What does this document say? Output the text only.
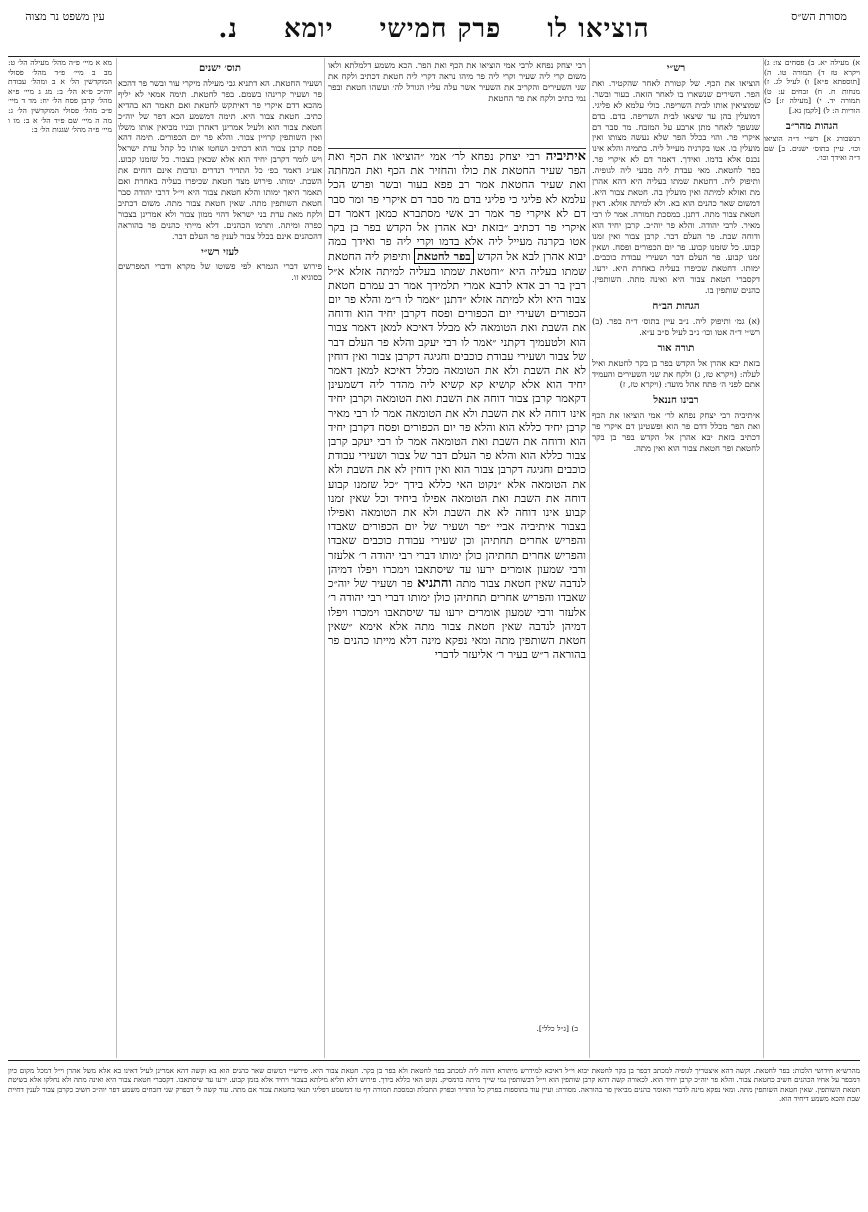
מסורת הש״ס
הוציאו לו פרק חמישי יומא נ.
עין משפט נר מצוה
א) מעילה יא. ב) פסחים צו: ג) ויקרא טז ד) תמורה טו. ה) [תוספתא פ״א] ו) לעיל לג. ז) מנחות ח. ח) זבחים ע: ט) תמורה יד. י) [מעילה ז:] כ) הוריות ה: ל) [לקמן נא.]
הגהות מהר״ב
רנשבורג א] רש״י ד״ה הוציאו וכו׳. עיין בתוס׳ ישנים. ב] שם ד״ה ואידך וכו׳.
רש״י
הוציאו את הכף. של קטורת לאחר שהקטיר. ואת הפר. השירים שנשארו בו לאחר הזאה. בעור ובשר. שמוציאין אותו לבית השריפה. כולי עלמא לא פליגי. דמועלין בהן עד שיצאו לבית השריפה. בדם. בדם שנשפך לאחר מתן ארבע על המזבח. מר סבר דם איקרי פר. והוי בכלל הפר שלא נעשה מצותו ואין מועלין בו. אטו בקרניה מעייל ליה. בתמיה והלא אינו נכנס אלא בדמו. ואידך. דאמר דם לא איקרי פר. בפר לחטאת. מאי עבדת ליה מבעי ליה לגופיה. ותיפוק ליה. דחטאת שמתו בעליה היא דהא אהרן מת ואזלא למיתה ואין מועלין בה. חטאת צבור היא. דמשום שאר כהנים הוא בא. ולא למיתה אזלא. דאין חטאת צבור מתה. דתנן. במסכת תמורה. אמר לו רבי מאיר. לרבי יהודה. והלא פר יוה״כ. קרבן יחיד הוא ודוחה שבת. פר העלם דבר. קרבן צבור ואין זמנו קבוע. כל שזמנו קבוע. פר יום הכפורים ופסח. ושאין זמנו קבוע. פר העלם דבר ושעירי עבודת כוכבים. ימותו. דחטאת שכיפרו בעליה באחרת היא. ירעו. דקסברי חטאת צבור היא ואינה מתה. השותפין. כהנים שותפין בו.
הגהות הב״ח
(א) גמ׳ ותיפוק ליה. נ״ב עיין בתוס׳ ד״ה בפר. (ב) רש״י ד״ה אטו וכו׳ נ״ב לעיל ס״ב ע״א.
תורה אור
בזאת יבא אהרן אל הקדש בפר בן בקר לחטאת ואיל לעלה: (ויקרא טז, ג) ולקח את שני השעירים והעמיד אתם לפני ה׳ פתח אהל מועד: (ויקרא טז, ז)
רבינו חננאל
איתיביה רבי יצחק נפחא לר׳ אמי הוציאו את הכף ואת הפר מכלל דדם פר הוא ופשטינן דם איקרי פר דכתיב בזאת יבא אהרן אל הקדש בפר בן בקר לחטאת ופר חטאת צבור הוא ואין מתה.
רבי יצחק נפחא לרבי אמי הוציאו את הכף ואת הפר. הכא משמע דלמלתא ולאו משום קרי ליה שעיר וקרי ליה פר מיהו נראה דקרי ליה חטאת דכתיב ולקח את שני השעירים והקריב את השעיר אשר עלה עליו הגורל לה׳ ועשהו חטאת ובפר נמי כתיב ולקח את פר החטאת
איתיביה רבי יצחק נפחא לר׳ אמי ״הוציאו את הכף ואת הפר שעיר החטאת את כולו והחזיר את הכף ואת המחתה ואת שעיר החטאת אמר רב פפא בעור ובשר ופרש הכל עלמא לא פליגי כי פליגי בדם מר סבר דם איקרי פר ומר סבר דם לא איקרי פר אמר רב אשי מסתברא כמאן דאמר דם איקרי פר דכתיב ״בזאת יבא אהרן אל הקדש בפר בן בקר אטו בקרנה מעייל ליה אלא בדמו וקרי ליה פר ואידך במה יבוא אהרן לבא אל הקדש בפר לחטאת ותיפוק ליה החטאת שמתו בעליה היא ״וחטאת שמתו בעליה למיתה אזלא א״ל רבין בר רב אדא לרבא אמרי תלמידך אמר רב עמרם חטאת צבור היא ולא למיתה אזלא ״דתנן ״אמר לו ר״מ והלא פר יום הכפורים ושעירי יום הכפורים ופסח דקרבן יחיד הוא ודוחה את השבת ואת הטומאה לא מבלל דאיכא למאן דאמר צבור הוא ולטעמיך דקתני ״אמר לו רבי יעקב והלא פר העלם דבר של צבור ושעירי עבודת כוכבים וחגיגה דקרבן צבור ואין דוחין לא את השבת ולא את הטומאה מכלל דאיכא למאן דאמר יחיד הוא אלא קושיא קא קשיא ליה מהדר ליה דשמעינן דקאמר קרבן צבור דוחה את השבת ואת הטומאה וקרבן יחיד אינו דוחה לא את השבת ולא את הטומאה אמר לו רבי מאיר קרבן יחיד כללא הוא והלא פר יום הכפורים ופסח דקרבן יחיד הוא ודוחה את השבת ואת הטומאה אמר לו רבי יעקב קרבן צבור כללא הוא והלא פר העלם דבר של צבור ושעירי עבודת כוכבים וחגיגה דקרבן צבור הוא ואין דוחין לא את השבת ולא את הטומאה אלא ״נקוט האי כללא בידך ״כל שזמנו קבוע דוחה את השבת ואת הטומאה אפילו ביחיד וכל שאין זמנו קבוע אינו דוחה לא את השבת ולא את הטומאה ואפילו בצבור איתיביה אביי ״פר ושעיר של יום הכפורים שאבדו והפריש אחרים תחתיהן וכן שעירי עבודת כוכבים שאבדו והפריש אחרים תחתיהן כולן ימותו דברי רבי יהודה ר׳ אלעזר ורבי שמעון אומרים ירעו עד שיסתאבו וימכרו ויפלו דמיהן לנדבה שאין חטאת צבור מתה והתניא פר ושעיר של יוה״כ שאבדו והפריש אחרים תחתיהן כולן ימותו דברי רבי יהודה ר׳ אלעזר ורבי שמעון אומרים ירעו עד שיסתאבו וימכרו ויפלו דמיהן לנדבה שאין חטאת צבור מתה אלא אימא ״שאין חטאת השותפין מתה ומאי נפקא מינה דלא מייתו כהנים פר בהוראה ר״ש בעיר ר׳ אליעזר לדברי
ב) [ג״ל כללי].
תוס׳ ישנים
ושעיר החטאת. הא דתניא גבי מעילה מיקרי עור ובשר פר דהכא פר ושעיר קרינהו בשמם. בפר לחטאת. תימה אמאי לא יליף מהכא דדם איקרי פר דאיתקש לחטאת ואם תאמר הא בהדיא כתיב. חטאת צבור היא. תימה דמשמע הכא דפר של יוה״כ חטאת צבור הוא ולעיל אמרינן דאהרן ובניו מביאין אותו משלו ואין השותפין קרויין צבור. והלא פר יום הכפורים. תימה דהא פסח קרבן צבור הוא דכתיב ושחטו אותו כל קהל עדת ישראל ויש לומר דקרבן יחיד הוא אלא שבאין בצבור. כל שזמנו קבוע. אע״ג דאמר בפ׳ כל התדיר דנדרים ונדבות אינם דוחים את השבת. ימותו. פירוש מצד חטאת שכיפרו בעליה באחרת ואם תאמר היאך ימותו והלא חטאת צבור היא וי״ל דרבי יהודה סבר חטאת השותפין מתה. שאין חטאת צבור מתה. משום דכתיב ולקח מאת עדת בני ישראל דהוי ממון צבור ולא אמרינן בצבור כפרה ומיתה. ותרמו הכהנים. דלא מייתי כהנים פר בהוראה דהכהנים אינם בכלל צבור לענין פר העלם דבר.
לעזי רש״י
פירוש דברי הגמרא לפי פשוטו של מקרא ודברי המפרשים בסוגיא זו.
מא א מיי׳ פ״ה מהל׳ מעילה הל׳ ט: מב ב מיי׳ פ״ד מהל׳ פסולי המוקדשין הל׳ א ב ומהל׳ עבודת יוה״כ פ״א הל׳ ב: מג ג מיי׳ פ״א מהל׳ קרבן פסח הל׳ יח: מד ד מיי׳ פ״ב מהל׳ פסולי המוקדשין הל׳ ג: מה ה מיי׳ שם פ״ד הל׳ א ב: מו ו מיי׳ פ״ה מהל׳ שגגות הל׳ ב:
מהרש״א חידושי הלכות: בפר לחטאת. וקשה דהא איצטריך לגופיה למכתב דבפר בן בקר לחטאת יבוא וי״ל דאיכא למידרש מיתורא דהוה ליה למכתב בפר לחטאת ולא בפר בן בקר. חטאת צבור היא. פירש״י דמשום שאר כהנים הוא בא וקשה דהא אמרינן לעיל דאינו בא אלא משל אהרן וי״ל דמכל מקום כיון דמכפר על אחיו הכהנים חשיב כחטאת צבור. והלא פר יוה״כ קרבן יחיד הוא. לכאורה קשה דהא קרבן שותפין הוא וי״ל דבשותפין נמי שייך מיתה כדמסיק. נקוט האי כללא בידך. פירוש דלא תליא מילתא בצבור ויחיד אלא בזמן קבוע. ירעו עד שיסתאבו. דקסברי חטאת צבור היא ואינה מתה ולא נחלקו אלא בשיטת חטאת השותפין. שאין חטאת השותפין מתה. ומאי נפקא מינה לדברי האומר כהנים מביאין פר בהוראה. מסורת: ועיין עוד בתוספות בפרק כל התדיר ובפרק התכלת ובמסכת תמורה דף טו דמשמע דפליגי תנאי בחטאת צבור אם מתה. עוד קשה לי דבפרק שני דזבחים משמע דפר יוה״כ חשיב כקרבן צבור לענין דחיית שבת והכא משמע דיחיד הוא.
